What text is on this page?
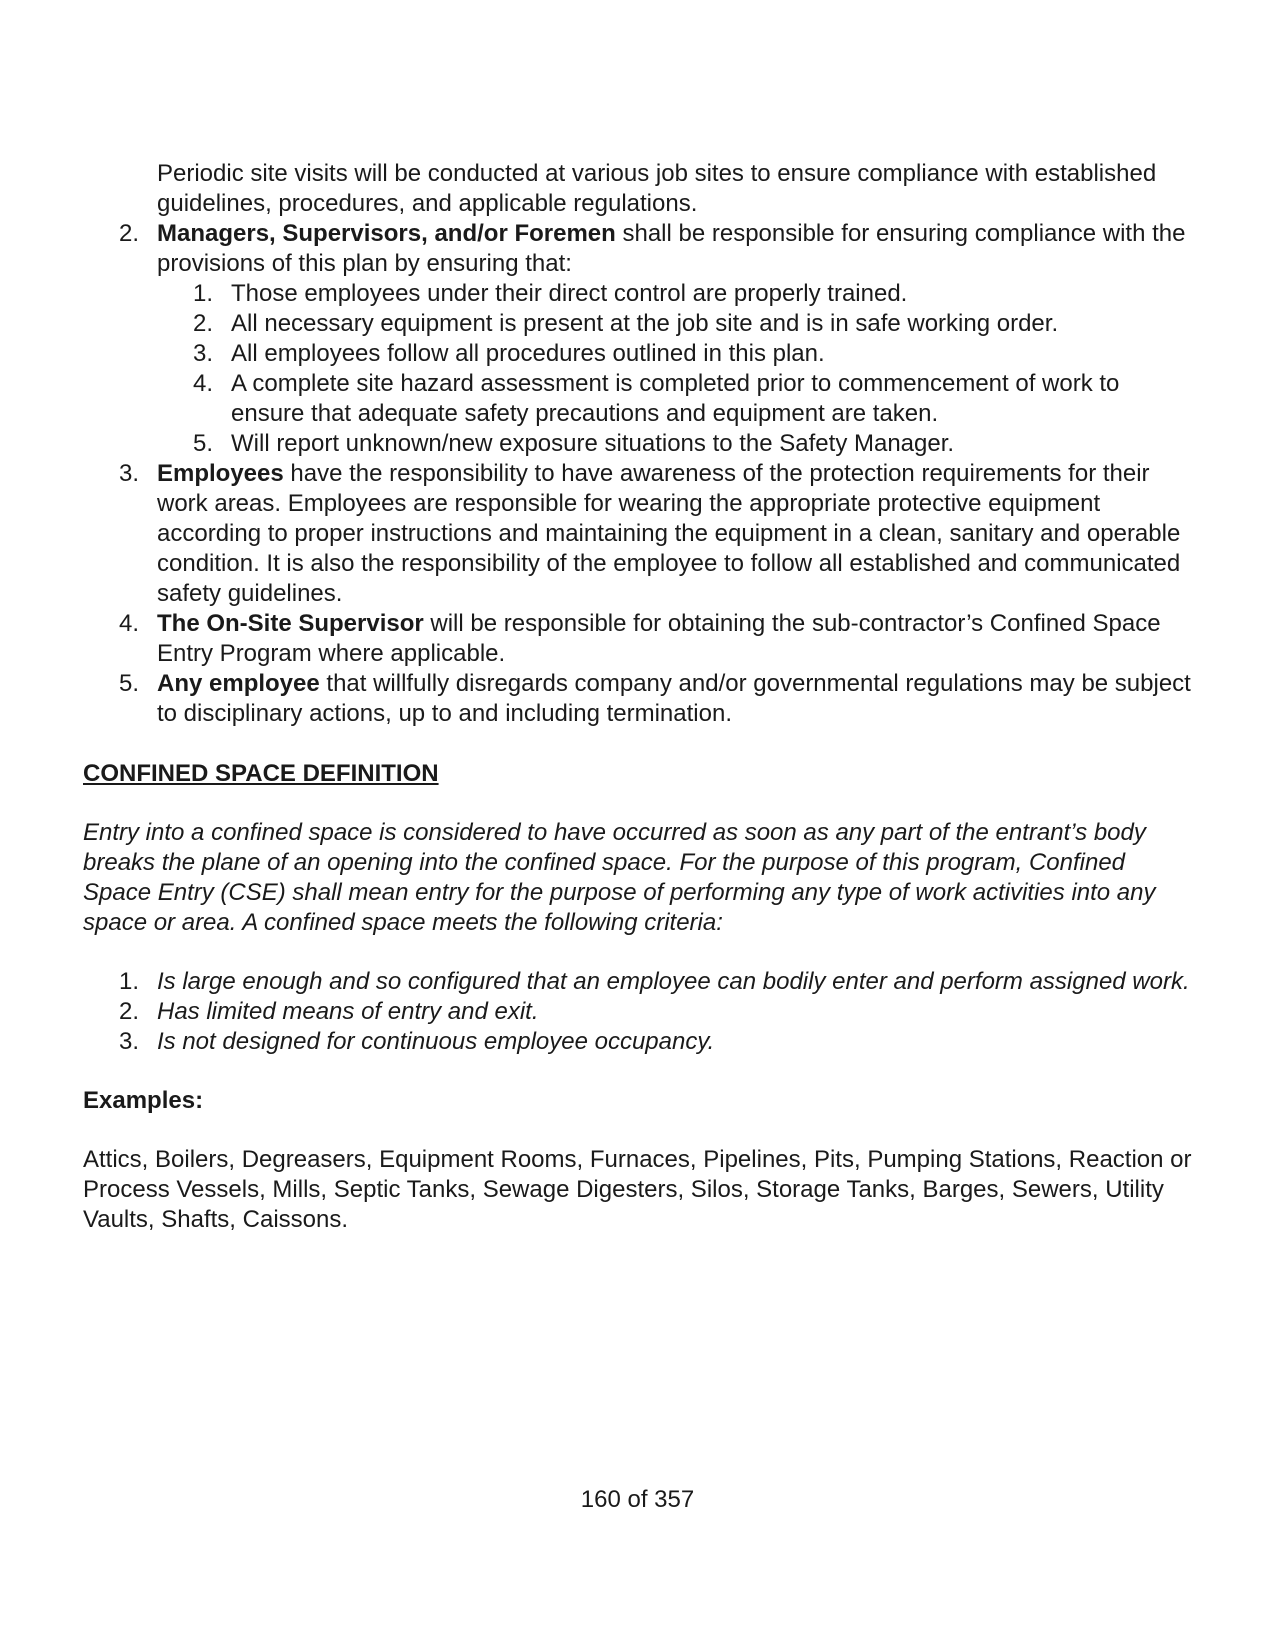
Periodic site visits will be conducted at various job sites to ensure compliance with established guidelines, procedures, and applicable regulations.
2. Managers, Supervisors, and/or Foremen shall be responsible for ensuring compliance with the provisions of this plan by ensuring that:
1. Those employees under their direct control are properly trained.
2. All necessary equipment is present at the job site and is in safe working order.
3. All employees follow all procedures outlined in this plan.
4. A complete site hazard assessment is completed prior to commencement of work to ensure that adequate safety precautions and equipment are taken.
5. Will report unknown/new exposure situations to the Safety Manager.
3. Employees have the responsibility to have awareness of the protection requirements for their work areas. Employees are responsible for wearing the appropriate protective equipment according to proper instructions and maintaining the equipment in a clean, sanitary and operable condition. It is also the responsibility of the employee to follow all established and communicated safety guidelines.
4. The On-Site Supervisor will be responsible for obtaining the sub-contractor’s Confined Space Entry Program where applicable.
5. Any employee that willfully disregards company and/or governmental regulations may be subject to disciplinary actions, up to and including termination.
CONFINED SPACE DEFINITION
Entry into a confined space is considered to have occurred as soon as any part of the entrant’s body breaks the plane of an opening into the confined space. For the purpose of this program, Confined Space Entry (CSE) shall mean entry for the purpose of performing any type of work activities into any space or area. A confined space meets the following criteria:
1. Is large enough and so configured that an employee can bodily enter and perform assigned work.
2. Has limited means of entry and exit.
3. Is not designed for continuous employee occupancy.
Examples:
Attics, Boilers, Degreasers, Equipment Rooms, Furnaces, Pipelines, Pits, Pumping Stations, Reaction or Process Vessels, Mills, Septic Tanks, Sewage Digesters, Silos, Storage Tanks, Barges, Sewers, Utility Vaults, Shafts, Caissons.
160 of 357
